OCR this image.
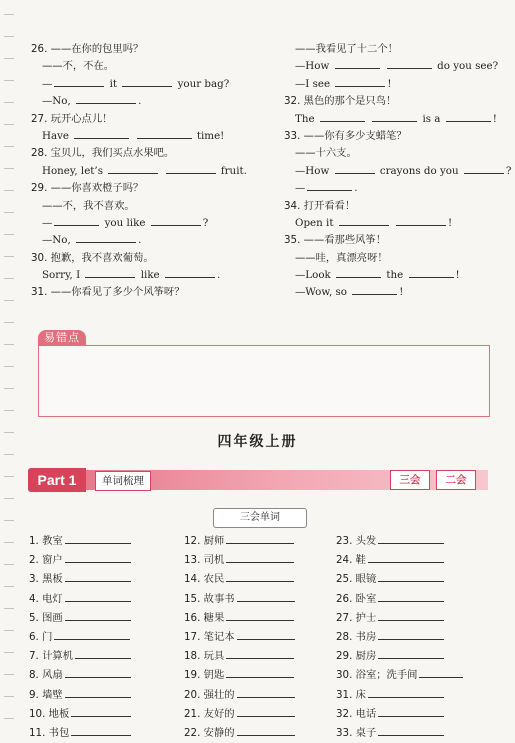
26. ——在你的包里吗？
——不，不在。
—	it	your bag?
—No,	.
27. 玩开心点儿！
Have	time!
28. 宝贝儿，我们买点水果吧。
Honey, let’s	fruit.
29. ——你喜欢橙子吗？
——不，我不喜欢。
—	you like	?
—No,	.
30. 抱歉，我不喜欢葡萄。
Sorry, I	like	.
31. ——你看见了多少个风筝呀？
——我看见了十二个！
—How	do you see?
—I see	!
32. 黑色的那个是只鸟！
The	is a	!
33. ——你有多少支蜡笔？
——十六支。
—How	crayons do you	?
—	.
34. 打开看看！
Open it	!
35. ——看那些风筝！
——哇，真漂亮呀！
—Look	the	!
—Wow, so	!
易错点
四年级上册
Part 1	单词梳理	三会	二会
三会单词
1. 教室
2. 窗户
3. 黑板
4. 电灯
5. 图画
6. 门
7. 计算机
8. 风扇
9. 墙壁
10. 地板
11. 书包
12. 厨师
13. 司机
14. 农民
15. 故事书
16. 糖果
17. 笔记本
18. 玩具
19. 钥匙
20. 强壮的
21. 友好的
22. 安静的
23. 头发
24. 鞋
25. 眼镜
26. 卧室
27. 护士
28. 书房
29. 厨房
30. 浴室；洗手间
31. 床
32. 电话
33. 桌子
